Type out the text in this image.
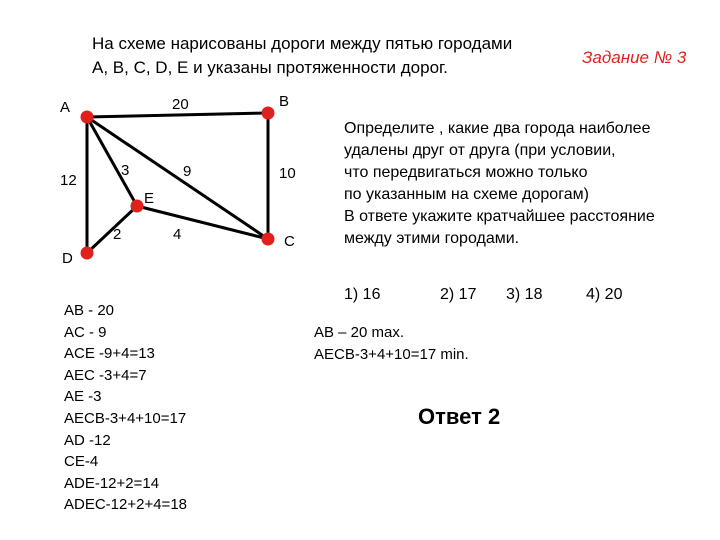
На схеме нарисованы дороги между пятью городами
А, В, С, D, Е и указаны протяженности дорог.
Задание № 3
А	В
С
D
Е
20
10
9
12
3
2	4
Определите , какие два города наиболее
удалены друг от друга (при условии,
что передвигаться можно только
по указанным на схеме дорогам)
В ответе укажите кратчайшее расстояние
между этими городами.
1) 16	2) 17 3) 18	4) 20
АВ – 20 max.
AECB-3+4+10=17 min.
Ответ 2
AB - 20
AC - 9
ACE -9+4=13
AEC -3+4=7
AE -3
AECB-3+4+10=17
AD -12
CE-4
ADE-12+2=14
ADEC-12+2+4=18
